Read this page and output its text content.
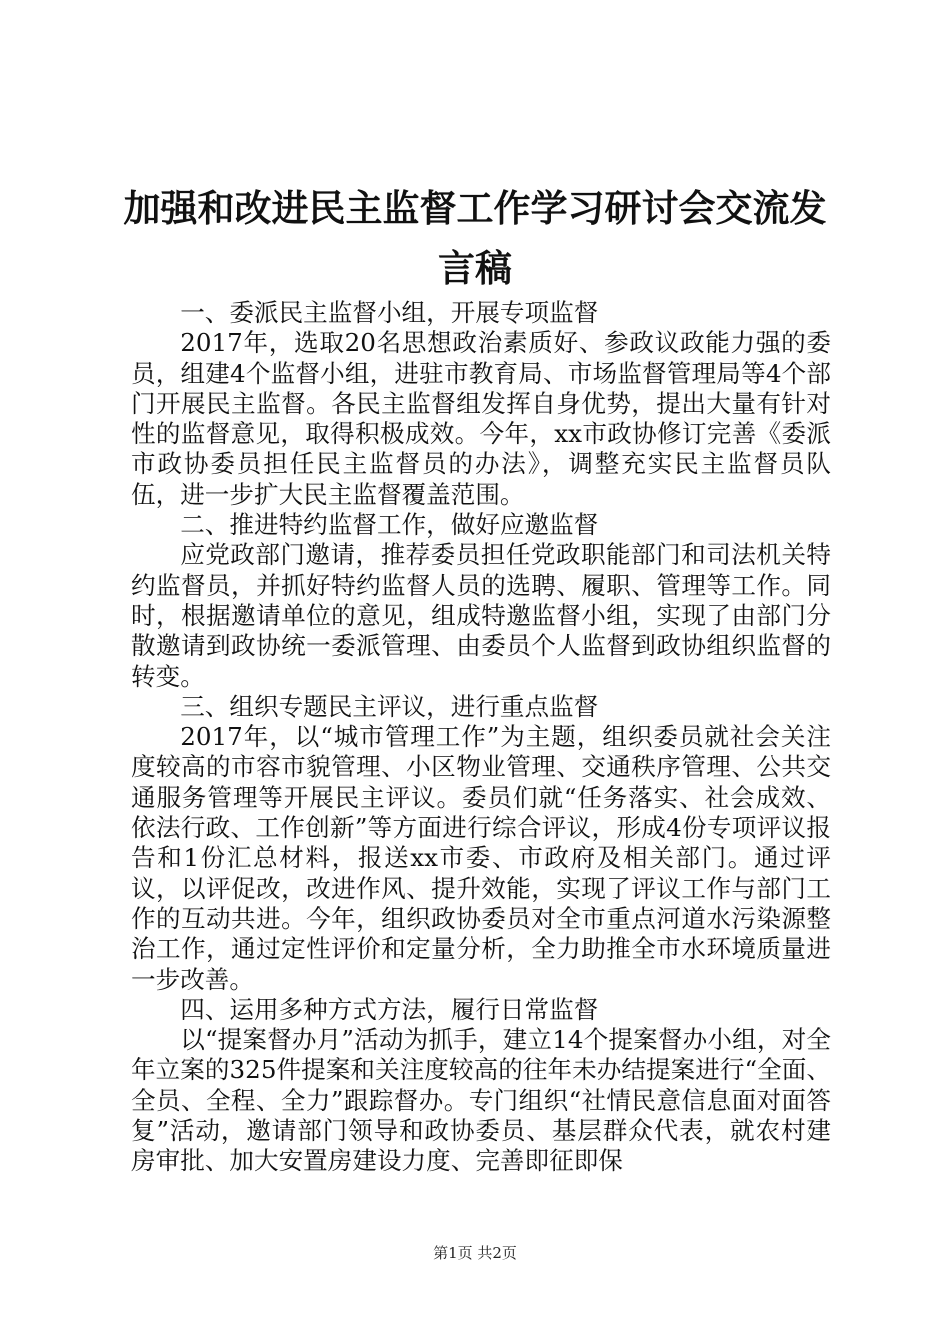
加强和改进民主监督工作学习研讨会交流发言稿

一、委派民主监督小组，开展专项监督

2017年，选取20名思想政治素质好、参政议政能力强的委员，组建4个监督小组，进驻市教育局、市场监督管理局等4个部门开展民主监督。各民主监督组发挥自身优势，提出大量有针对性的监督意见，取得积极成效。今年，xx市政协修订完善《委派市政协委员担任民主监督员的办法》，调整充实民主监督员队伍，进一步扩大民主监督覆盖范围。

二、推进特约监督工作，做好应邀监督

应党政部门邀请，推荐委员担任党政职能部门和司法机关特约监督员，并抓好特约监督人员的选聘、履职、管理等工作。同时，根据邀请单位的意见，组成特邀监督小组，实现了由部门分散邀请到政协统一委派管理、由委员个人监督到政协组织监督的转变。

三、组织专题民主评议，进行重点监督

2017年，以“城市管理工作”为主题，组织委员就社会关注度较高的市容市貌管理、小区物业管理、交通秩序管理、公共交通服务管理等开展民主评议。委员们就“任务落实、社会成效、依法行政、工作创新”等方面进行综合评议，形成4份专项评议报告和1份汇总材料，报送xx市委、市政府及相关部门。通过评议，以评促改，改进作风、提升效能，实现了评议工作与部门工作的互动共进。今年，组织政协委员对全市重点河道水污染源整治工作，通过定性评价和定量分析，全力助推全市水环境质量进一步改善。

四、运用多种方式方法，履行日常监督

以“提案督办月”活动为抓手，建立14个提案督办小组，对全年立案的325件提案和关注度较高的往年未办结提案进行“全面、全员、全程、全力”跟踪督办。专门组织“社情民意信息面对面答复”活动，邀请部门领导和政协委员、基层群众代表，就农村建房审批、加大安置房建设力度、完善即征即保

第1页 共2页
